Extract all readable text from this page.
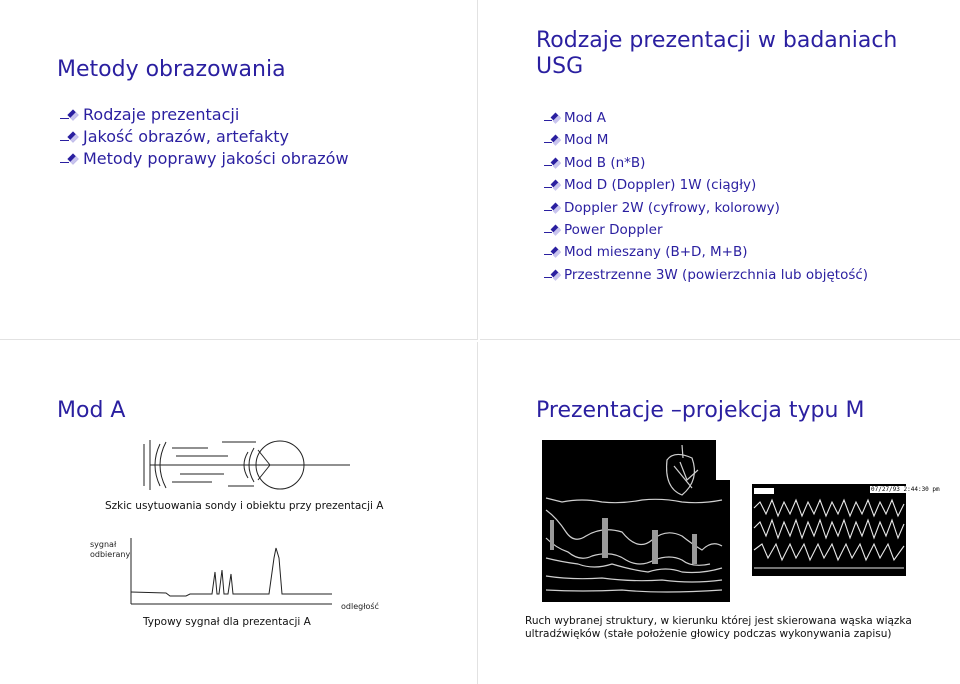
Metody obrazowania
Rodzaje prezentacji
Jakość obrazów, artefakty
Metody poprawy jakości obrazów
Rodzaje prezentacji w badaniach
USG
Mod A
Mod M
Mod B (n*B)
Mod D (Doppler) 1W (ciągły)
Doppler 2W (cyfrowy, kolorowy)
Power Doppler
Mod mieszany (B+D, M+B)
Przestrzenne 3W (powierzchnia lub objętość)
Mod A
Szkic usytuowania sondy i obiektu przy prezentacji A
sygnał
odbierany
odległość
Typowy sygnał dla prezentacji A
Prezentacje –projekcja typu M
07/27/93 2:44:30 pm
Ruch wybranej struktury, w kierunku której jest skierowana wąska wiązka
ultradźwięków (stałe położenie głowicy podczas wykonywania zapisu)
